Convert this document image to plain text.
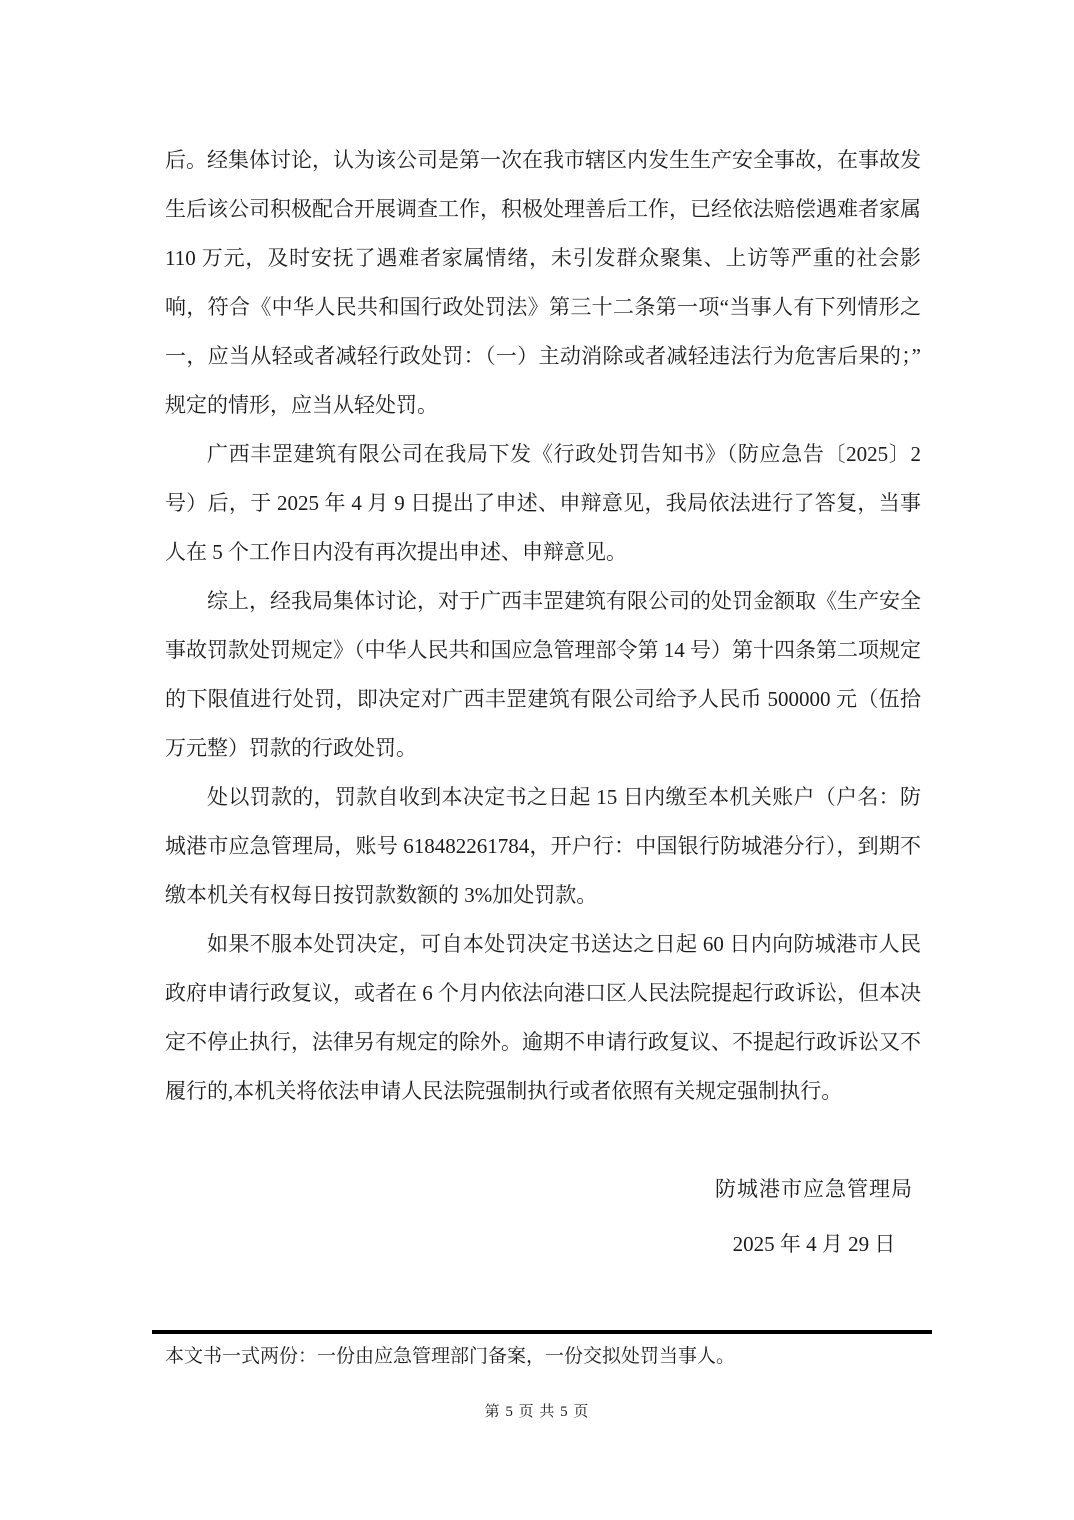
后。经集体讨论，认为该公司是第一次在我市辖区内发生生产安全事故，在事故发生后该公司积极配合开展调查工作，积极处理善后工作，已经依法赔偿遇难者家属 110 万元，及时安抚了遇难者家属情绪，未引发群众聚集、上访等严重的社会影响，符合《中华人民共和国行政处罚法》第三十二条第一项“当事人有下列情形之一，应当从轻或者减轻行政处罚：（一）主动消除或者减轻违法行为危害后果的；”规定的情形，应当从轻处罚。

广西丰罡建筑有限公司在我局下发《行政处罚告知书》（防应急告〔2025〕2号）后，于 2025 年 4 月 9 日提出了申述、申辩意见，我局依法进行了答复，当事人在 5 个工作日内没有再次提出申述、申辩意见。

综上，经我局集体讨论，对于广西丰罡建筑有限公司的处罚金额取《生产安全事故罚款处罚规定》（中华人民共和国应急管理部令第 14 号）第十四条第二项规定的下限值进行处罚，即决定对广西丰罡建筑有限公司给予人民币 500000 元（伍拾万元整）罚款的行政处罚。

处以罚款的，罚款自收到本决定书之日起 15 日内缴至本机关账户（户名：防城港市应急管理局，账号 618482261784，开户行：中国银行防城港分行），到期不缴本机关有权每日按罚款数额的 3%加处罚款。

如果不服本处罚决定，可自本处罚决定书送达之日起 60 日内向防城港市人民政府申请行政复议，或者在 6 个月内依法向港口区人民法院提起行政诉讼，但本决定不停止执行，法律另有规定的除外。逾期不申请行政复议、不提起行政诉讼又不履行的,本机关将依法申请人民法院强制执行或者依照有关规定强制执行。

防城港市应急管理局
2025 年 4 月 29 日
本文书一式两份：一份由应急管理部门备案，一份交拟处罚当事人。
第 5 页 共 5 页
